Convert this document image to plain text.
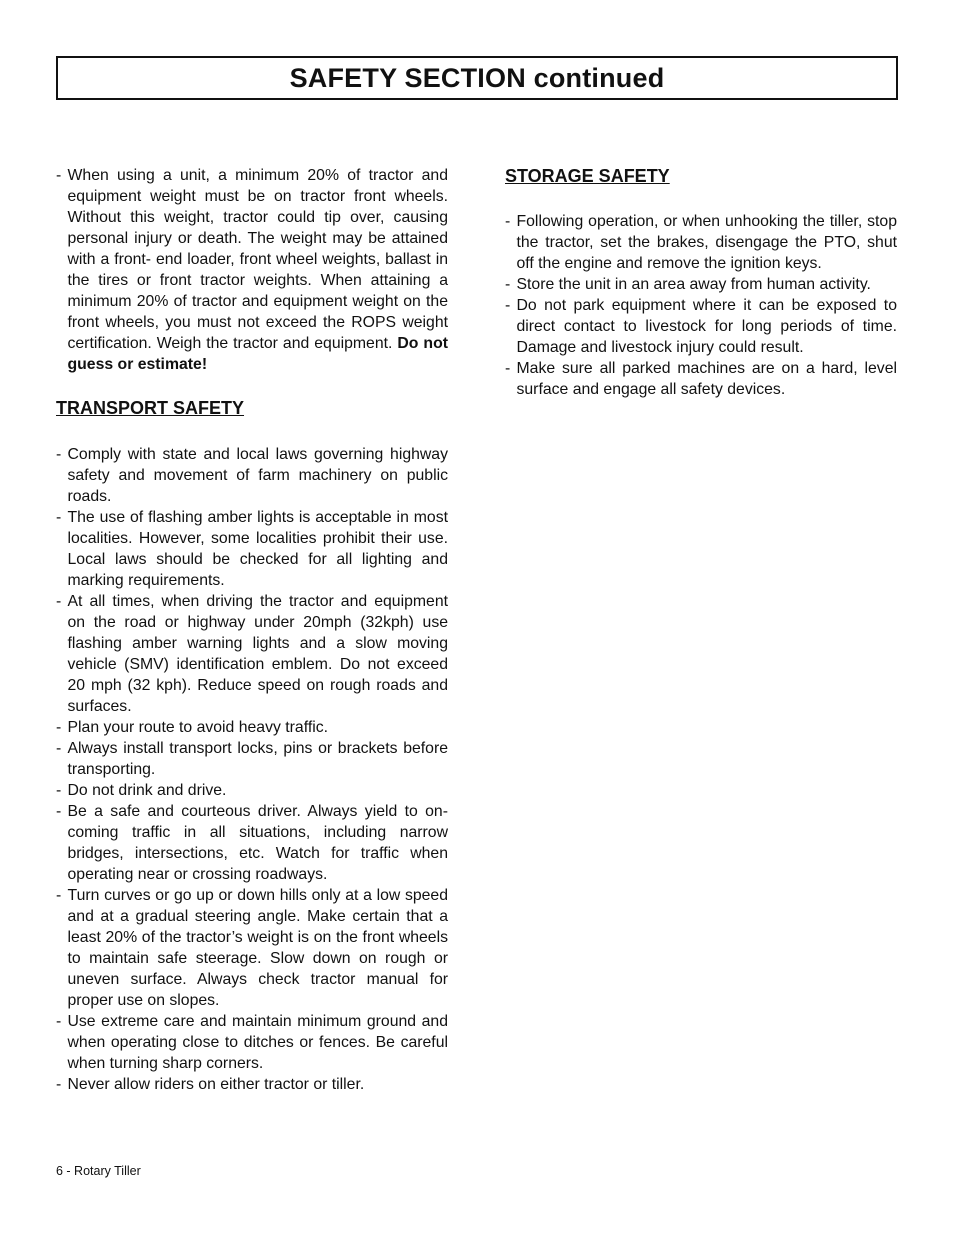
SAFETY SECTION continued
- When using a unit, a minimum 20% of tractor and equipment weight must be on tractor front wheels. Without this weight, tractor could tip over, causing personal injury or death. The weight may be attained with a front- end loader, front wheel weights, ballast in the tires or front tractor weights. When attaining a minimum 20% of tractor and equipment weight on the front wheels, you must not exceed the ROPS weight certification. Weigh the tractor and equipment. Do not guess or estimate!
TRANSPORT SAFETY
- Comply with state and local laws governing highway safety and movement of farm machinery on public roads.
- The use of flashing amber lights is acceptable in most localities. However, some localities prohibit their use. Local laws should be checked for all lighting and marking requirements.
- At all times, when driving the tractor and equipment on the road or highway under 20mph (32kph) use flashing amber warning lights and a slow moving vehicle (SMV) identification emblem. Do not exceed 20 mph (32 kph). Reduce speed on rough roads and surfaces.
- Plan your route to avoid heavy traffic.
- Always install transport locks, pins or brackets before transporting.
- Do not drink and drive.
- Be a safe and courteous driver. Always yield to oncoming traffic in all situations, including narrow bridges, intersections, etc. Watch for traffic when operating near or crossing roadways.
- Turn curves or go up or down hills only at a low speed and at a gradual steering angle. Make certain that a least 20% of the tractor’s weight is on the front wheels to maintain safe steerage. Slow down on rough or uneven surface. Always check tractor manual for proper use on slopes.
- Use extreme care and maintain minimum ground and when operating close to ditches or fences. Be careful when turning sharp corners.
- Never allow riders on either tractor or tiller.
STORAGE SAFETY
- Following operation, or when unhooking the tiller, stop the tractor, set the brakes, disengage the PTO, shut off the engine and remove the ignition keys.
- Store the unit in an area away from human activity.
- Do not park equipment where it can be exposed to direct contact to livestock for long periods of time. Damage and livestock injury could result.
- Make sure all parked machines are on a hard, level surface and engage all safety devices.
6 - Rotary Tiller
